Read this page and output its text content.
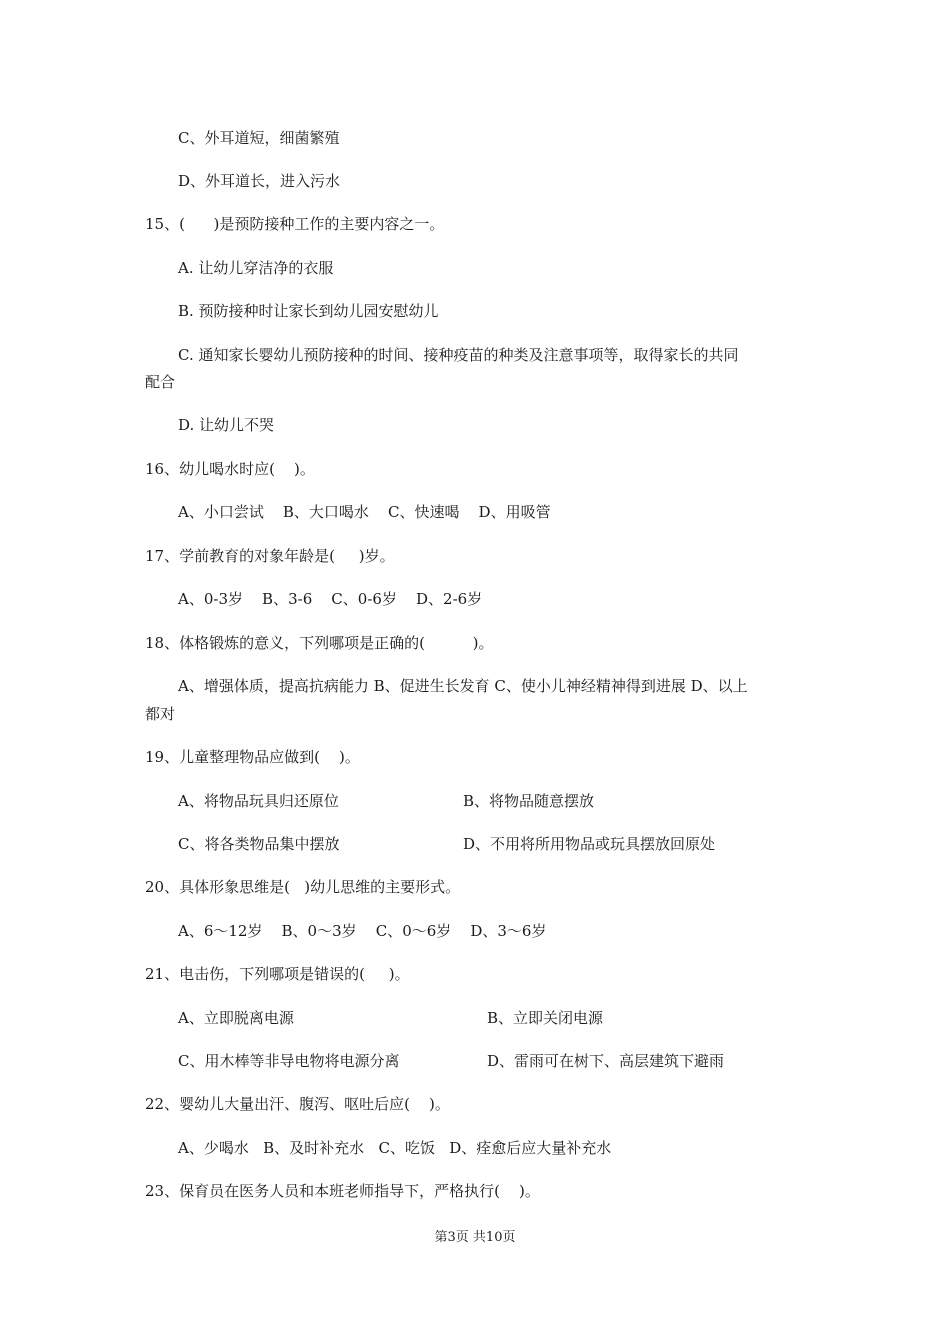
C、外耳道短，细菌繁殖
D、外耳道长，进入污水
15、(      )是预防接种工作的主要内容之一。
A. 让幼儿穿洁净的衣服
B. 预防接种时让家长到幼儿园安慰幼儿
C. 通知家长婴幼儿预防接种的时间、接种疫苗的种类及注意事项等，取得家长的共同
配合
D. 让幼儿不哭
16、幼儿喝水时应(    )。
A、小口尝试    B、大口喝水    C、快速喝    D、用吸管
17、学前教育的对象年龄是(     )岁。
A、0-3岁    B、3-6    C、0-6岁    D、2-6岁
18、体格锻炼的意义，下列哪项是正确的(          )。
A、增强体质，提高抗病能力 B、促进生长发育 C、使小儿神经精神得到进展 D、以上
都对
19、儿童整理物品应做到(    )。
A、将物品玩具归还原位	B、将物品随意摆放
C、将各类物品集中摆放	D、不用将所用物品或玩具摆放回原处
20、具体形象思维是(   )幼儿思维的主要形式。
A、6～12岁    B、0～3岁    C、0～6岁    D、3～6岁
21、电击伤，下列哪项是错误的(     )。
A、立即脱离电源	B、立即关闭电源
C、用木棒等非导电物将电源分离	D、雷雨可在树下、高层建筑下避雨
22、婴幼儿大量出汗、腹泻、呕吐后应(    )。
A、少喝水   B、及时补充水   C、吃饭   D、痊愈后应大量补充水
23、保育员在医务人员和本班老师指导下，严格执行(    )。
第3页 共10页
